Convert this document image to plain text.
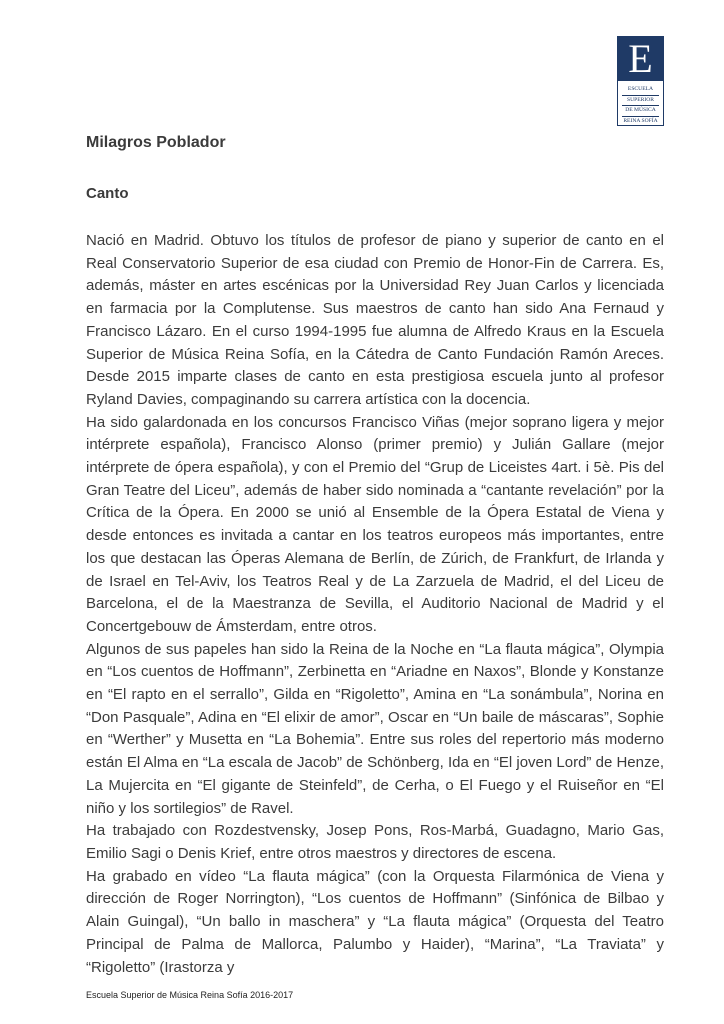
E
ESCUELA
SUPERIOR
DE MÚSICA
REINA SOFÍA
Milagros Poblador
Canto

Nació en Madrid. Obtuvo los títulos de profesor de piano y superior de canto en el Real Conservatorio Superior de esa ciudad con Premio de Honor-Fin de Carrera. Es, además, máster en artes escénicas por la Universidad Rey Juan Carlos y licenciada en farmacia por la Complutense. Sus maestros de canto han sido Ana Fernaud y Francisco Lázaro. En el curso 1994-1995 fue alumna de Alfredo Kraus en la Escuela Superior de Música Reina Sofía, en la Cátedra de Canto Fundación Ramón Areces. Desde 2015 imparte clases de canto en esta prestigiosa escuela junto al profesor Ryland Davies, compaginando su carrera artística con la docencia.

Ha sido galardonada en los concursos Francisco Viñas (mejor soprano ligera y mejor intérprete española), Francisco Alonso (primer premio) y Julián Gallare (mejor intérprete de ópera española), y con el Premio del “Grup de Liceistes 4art. i 5è. Pis del Gran Teatre del Liceu”, además de haber sido nominada a “cantante revelación” por la Crítica de la Ópera. En 2000 se unió al Ensemble de la Ópera Estatal de Viena y desde entonces es invitada a cantar en los teatros europeos más importantes, entre los que destacan las Óperas Alemana de Berlín, de Zúrich, de Frankfurt, de Irlanda y de Israel en Tel-Aviv, los Teatros Real y de La Zarzuela de Madrid, el del Liceu de Barcelona, el de la Maestranza de Sevilla, el Auditorio Nacional de Madrid y el Concertgebouw de Ámsterdam, entre otros.

Algunos de sus papeles han sido la Reina de la Noche en “La flauta mágica”, Olympia en “Los cuentos de Hoffmann”, Zerbinetta en “Ariadne en Naxos”, Blonde y Konstanze en “El rapto en el serrallo”, Gilda en “Rigoletto”, Amina en “La sonámbula”, Norina en “Don Pasquale”, Adina en “El elixir de amor”, Oscar en “Un baile de máscaras”, Sophie en “Werther” y Musetta en “La Bohemia”. Entre sus roles del repertorio más moderno están El Alma en “La escala de Jacob” de Schönberg, Ida en “El joven Lord” de Henze, La Mujercita en “El gigante de Steinfeld”, de Cerha, o El Fuego y el Ruiseñor en “El niño y los sortilegios” de Ravel.

Ha trabajado con Rozdestvensky, Josep Pons, Ros-Marbá, Guadagno, Mario Gas, Emilio Sagi o Denis Krief, entre otros maestros y directores de escena.

Ha grabado en vídeo “La flauta mágica” (con la Orquesta Filarmónica de Viena y dirección de Roger Norrington), “Los cuentos de Hoffmann” (Sinfónica de Bilbao y Alain Guingal), “Un ballo in maschera” y “La flauta mágica” (Orquesta del Teatro Principal de Palma de Mallorca, Palumbo y Haider), “Marina”, “La Traviata” y “Rigoletto” (Irastorza y

Escuela Superior de Música Reina Sofía 2016-2017
